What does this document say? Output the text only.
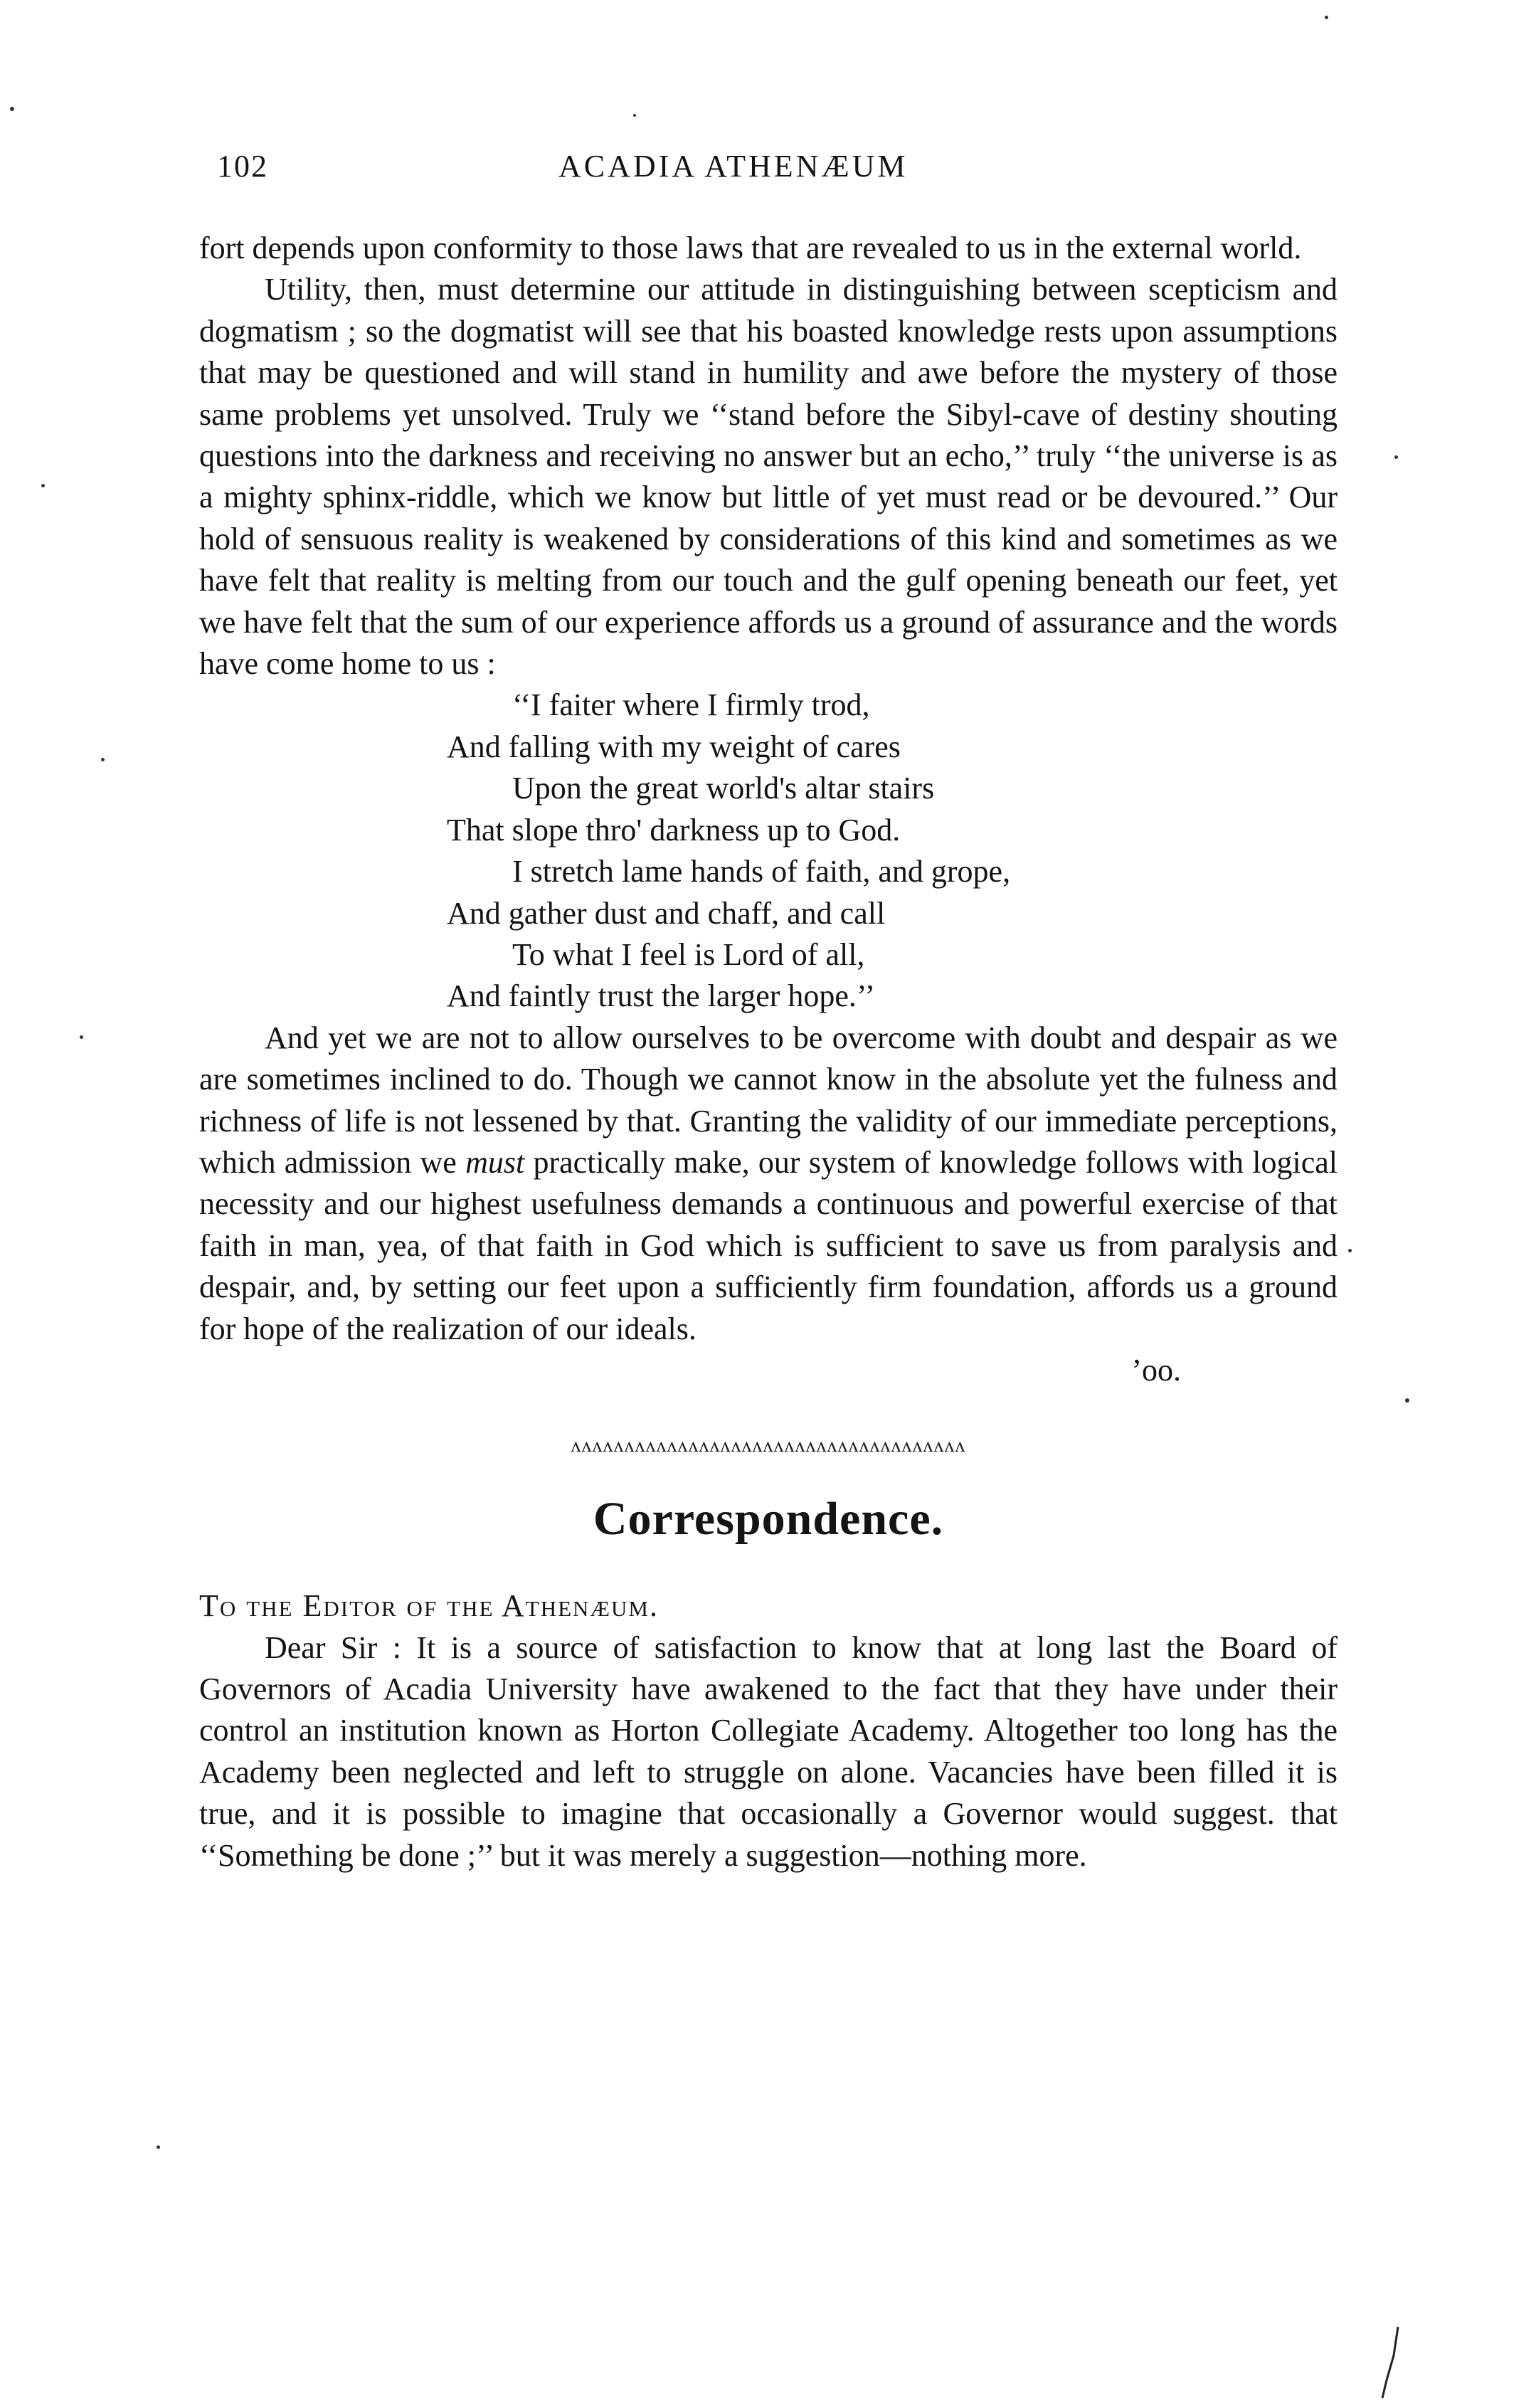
102	ACADIA ATHENÆUM

fort depends upon conformity to those laws that are revealed to us in the external world.

Utility, then, must determine our attitude in distinguishing between scepticism and dogmatism ; so the dogmatist will see that his boasted knowledge rests upon assumptions that may be questioned and will stand in humility and awe before the mystery of those same problems yet unsolved. Truly we ‘‘stand before the Sibyl-cave of destiny shouting questions into the darkness and receiving no answer but an echo,’’ truly ‘‘the universe is as a mighty sphinx-riddle, which we know but little of yet must read or be devoured.’’ Our hold of sensuous reality is weakened by considerations of this kind and sometimes as we have felt that reality is melting from our touch and the gulf opening beneath our feet, yet we have felt that the sum of our experience affords us a ground of assurance and the words have come home to us :

‘‘I faiter where I firmly trod,
And falling with my weight of cares
Upon the great world's altar stairs
That slope thro' darkness up to God.
I stretch lame hands of faith, and grope,
And gather dust and chaff, and call
To what I feel is Lord of all,
And faintly trust the larger hope.’’

And yet we are not to allow ourselves to be overcome with doubt and despair as we are sometimes inclined to do. Though we cannot know in the absolute yet the fulness and richness of life is not lessened by that. Granting the validity of our immediate perceptions, which admission we must practically make, our system of knowledge follows with logical necessity and our highest usefulness demands a continuous and powerful exercise of that faith in man, yea, of that faith in God which is sufficient to save us from paralysis and despair, and, by setting our feet upon a sufficiently firm foundation, affords us a ground for hope of the realization of our ideals.

’oo.

ʌʌʌʌʌʌʌʌʌʌʌʌʌʌʌʌʌʌʌʌʌʌʌʌʌʌʌʌʌʌʌʌʌʌʌʌʌ
Correspondence.

To the Editor of the Athenæum.

Dear Sir : It is a source of satisfaction to know that at long last the Board of Governors of Acadia University have awakened to the fact that they have under their control an institution known as Horton Collegiate Academy. Altogether too long has the Academy been neglected and left to struggle on alone. Vacancies have been filled it is true, and it is possible to imagine that occasionally a Governor would suggest. that ‘‘Something be done ;’’ but it was merely a suggestion—nothing more.
